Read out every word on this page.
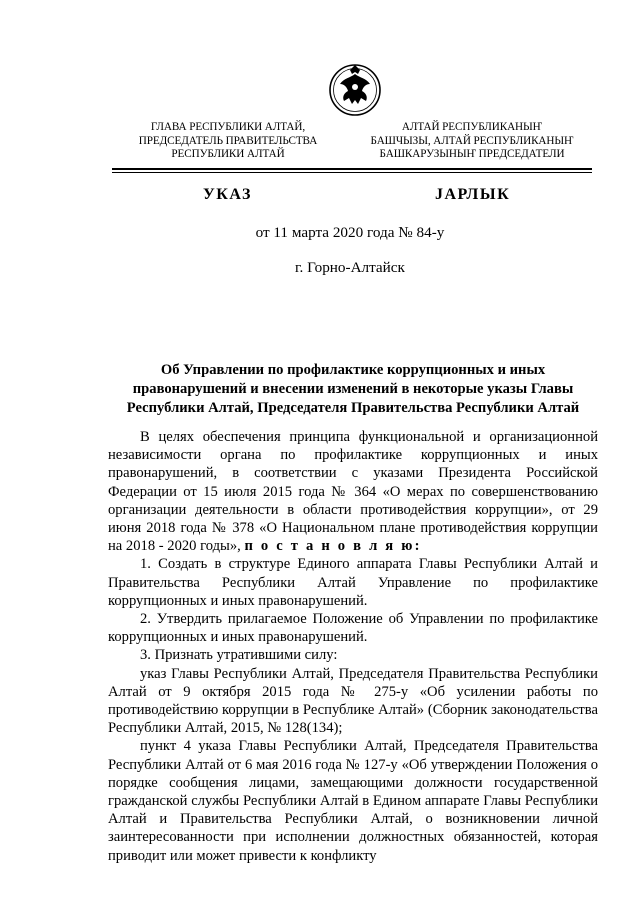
ГЛАВА РЕСПУБЛИКИ АЛТАЙ,
ПРЕДСЕДАТЕЛЬ ПРАВИТЕЛЬСТВА
РЕСПУБЛИКИ АЛТАЙ
АЛТАЙ РЕСПУБЛИКАНЫҤ
БАШЧЫЗЫ, АЛТАЙ РЕСПУБЛИКАНЫҤ
БАШКАРУЗЫНЫҤ ПРЕДСЕДАТЕЛИ
УКАЗ	ЈАРЛЫК
от 11 марта 2020 года № 84-у
г. Горно-Алтайск
Об Управлении по профилактике коррупционных и иных правонарушений и внесении изменений в некоторые указы Главы Республики Алтай, Председателя Правительства Республики Алтай

В целях обеспечения принципа функциональной и организационной независимости органа по профилактике коррупционных и иных правонарушений, в соответствии с указами Президента Российской Федерации от 15 июля 2015 года № 364 «О мерах по совершенствованию организации деятельности в области противодействия коррупции», от 29 июня 2018 года № 378 «О Национальном плане противодействия коррупции на 2018 - 2020 годы», п о с т а н о в л я ю:

1. Создать в структуре Единого аппарата Главы Республики Алтай и Правительства Республики Алтай Управление по профилактике коррупционных и иных правонарушений.

2. Утвердить прилагаемое Положение об Управлении по профилактике коррупционных и иных правонарушений.

3. Признать утратившими силу:

указ Главы Республики Алтай, Председателя Правительства Республики Алтай от 9 октября 2015 года № 275-у «Об усилении работы по противодействию коррупции в Республике Алтай» (Сборник законодательства Республики Алтай, 2015, № 128(134);

пункт 4 указа Главы Республики Алтай, Председателя Правительства Республики Алтай от 6 мая 2016 года № 127-у «Об утверждении Положения о порядке сообщения лицами, замещающими должности государственной гражданской службы Республики Алтай в Едином аппарате Главы Республики Алтай и Правительства Республики Алтай, о возникновении личной заинтересованности при исполнении должностных обязанностей, которая приводит или может привести к конфликту
